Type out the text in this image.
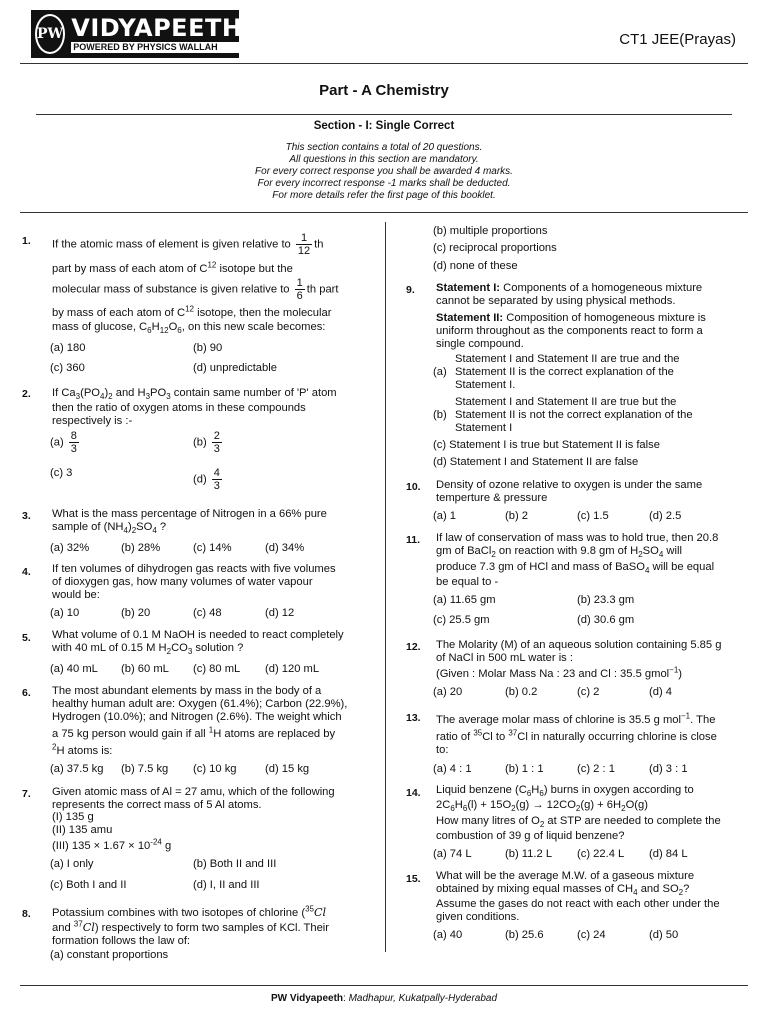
PW VIDYAPEETH
POWERED BY PHYSICS WALLAH	CT1 JEE(Prayas)
Part - A Chemistry
Section - I: Single Correct
This section contains a total of 20 questions.
All questions in this section are mandatory.
For every correct response you shall be awarded 4 marks.
For every incorrect response -1 marks shall be deducted.
For more details refer the first page of this booklet.
1. If the atomic mass of element is given relative to $\frac{1}{12}$ th
part by mass of each atom of $C^{12}$ isotope but the
molecular mass of substance is given relative to $\frac{1}{6}$ th part
by mass of each atom of $C^{12}$ isotope, then the molecular
mass of glucose, $C_6H_{12}O_6$, on this new scale becomes:
(a) 180	(b) 90
(c) 360	(d) unpredictable
2. If $Ca_3(PO_4)_2$ and $H_3PO_3$ contain same number of 'P' atom
then the ratio of oxygen atoms in these compounds
respectively is :-
$(a) \frac{8}{3}$	$(b) \frac{2}{3}$
(c) 3
$(d) \frac{4}{3}$
3. What is the mass percentage of Nitrogen in a 66% pure
sample of $(NH_4)_2SO_4$ ?
(a) 32%	(b) 28%	(c) 14%	(d) 34%
4. If ten volumes of dihydrogen gas reacts with five volumes
of dioxygen gas, how many volumes of water vapour
would be:
(a) 10	(b) 20	(c) 48	(d) 12
5. What volume of 0.1 M NaOH is needed to react completely
with 40 mL of 0.15 M $H_2CO_3$ solution ?
(a) 40 mL (b) 60 mL (c) 80 mL (d) 120 mL
6. The most abundant elements by mass in the body of a
healthy human adult are: Oxygen (61.4%); Carbon (22.9%),
Hydrogen (10.0%); and Nitrogen (2.6%). The weight which
a 75 kg person would gain if all $^1$H atoms are replaced by
$^2$H atoms is:
(a) 37.5 kg (b) 7.5 kg (c) 10 kg	(d) 15 kg
7. Given atomic mass of Al = 27 amu, which of the following
represents the correct mass of 5 Al atoms.
(I) 135 g
(II) 135 amu
(III) $135 \times 1.67 \times 10^{-24}$ g
(a) I only	(b) Both II and III
(c) Both I and II	(d) I, II and III
8. Potassium combines with two isotopes of chlorine ($^{35}$Cl
and $^{37}$Cl) respectively to form two samples of KCl. Their
formation follows the law of:
(a) constant proportions
(b) multiple proportions
(c) reciprocal proportions
(d) none of these
9. Statement I: Components of a homogeneous mixture
cannot be separated by using physical methods.
Statement II: Composition of homogeneous mixture is
uniform throughout as the components react to form a
single compound.
(a)
Statement I and Statement II are true and the
Statement II is the correct explanation of the
Statement I.
(b)
Statement I and Statement II are true but the
Statement II is not the correct explanation of the
Statement I
(c) Statement I is true but Statement II is false
(d) Statement I and Statement II are false
10. Density of ozone relative to oxygen is under the same
temperture & pressure
(a) 1	(b) 2	(c) 1.5	(d) 2.5
11. If law of conservation of mass was to hold true, then 20.8
gm of BaCl$_2$ on reaction with 9.8 gm of $H_2SO_4$ will
produce 7.3 gm of HCl and mass of BaSO$_4$ will be equal
be equal to -
(a) 11.65 gm	(b) 23.3 gm
(c) 25.5 gm	(d) 30.6 gm
12. The Molarity (M) of an aqueous solution containing 5.85 g
of NaCl in 500 mL water is :
(Given : Molar Mass Na : 23 and Cl : 35.5 gmol$^{-1}$)
(a) 20	(b) 0.2	(c) 2	(d) 4
13. The average molar mass of chlorine is 35.5 g mol$^{-1}$. The
ratio of $^{35}$Cl to $^{37}$Cl in naturally occurring chlorine is close
to:
(a) 4 : 1	(b) 1 : 1	(c) 2 : 1	(d) 3 : 1
14. Liquid benzene $(C_6H_6)$ burns in oxygen according to
$2C_6H_6(l) + 15O_2(g) \to 12CO_2(g) + 6H_2O(g)$
How many litres of $O_2$ at STP are needed to complete the
combustion of 39 g of liquid benzene?
(a) 74 L	(b) 11.2 L (c) 22.4 L (d) 84 L
15. What will be the average M.W. of a gaseous mixture
obtained by mixing equal masses of $CH_4$ and $SO_2$?
Assume the gases do not react with each other under the
given conditions.
(a) 40	(b) 25.6	(c) 24	(d) 50
PW Vidyapeeth: Madhapur, Kukatpally-Hyderabad
